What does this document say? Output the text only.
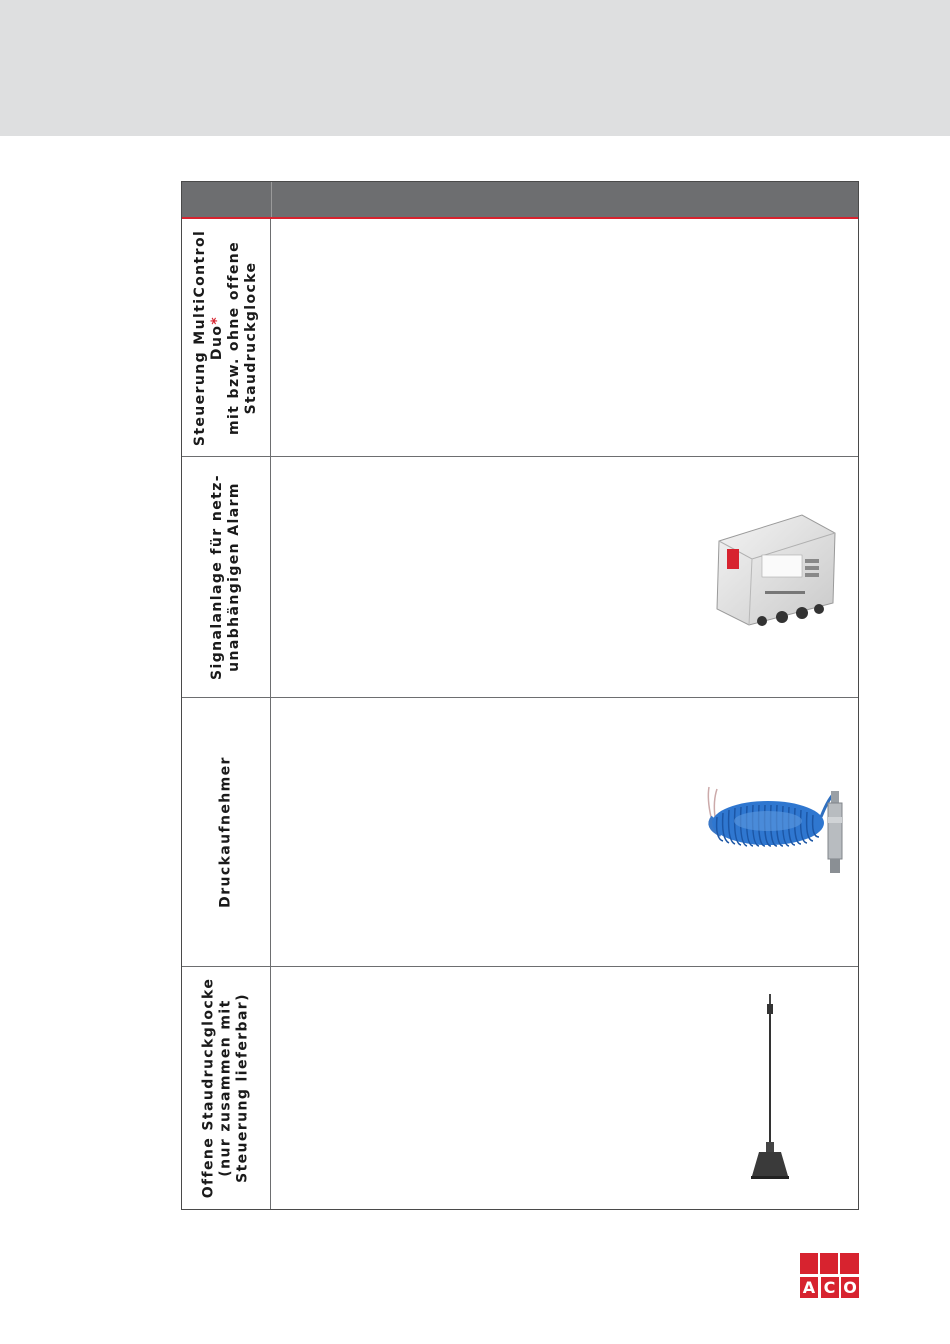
Steuerung MultiControl Duo* mit bzw. ohne offene Staudruckglocke
Signalanlage für netz- unabhängigen Alarm
Druckaufnehmer
Offene Staudruckglocke (nur zusammen mit Steuerung lieferbar)
A C O
